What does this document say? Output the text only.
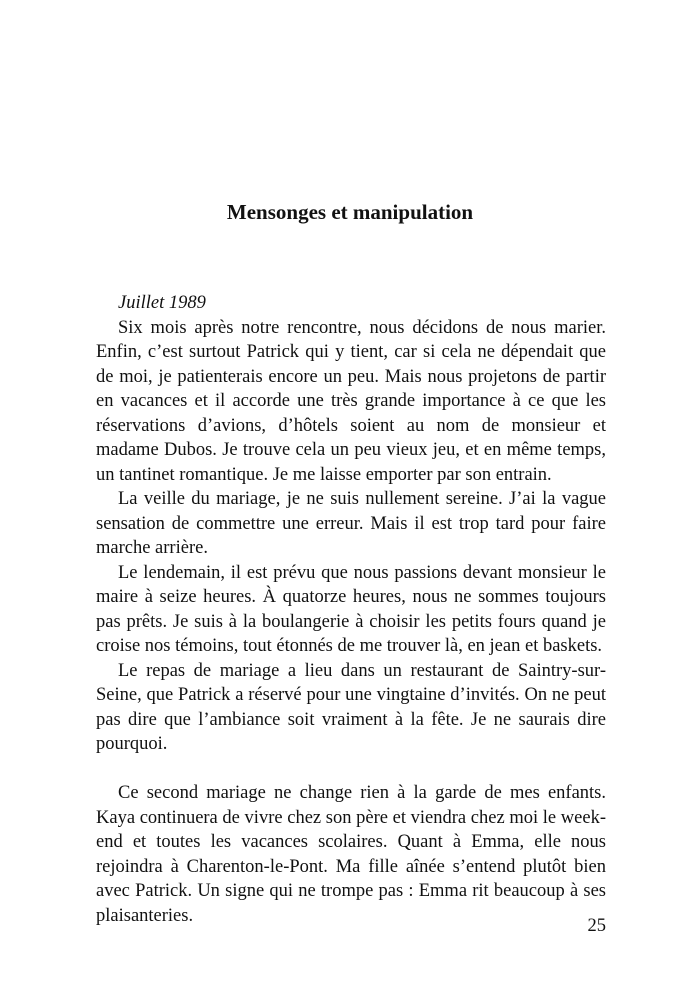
Mensonges et manipulation

Juillet 1989

Six mois après notre rencontre, nous décidons de nous marier. Enfin, c’est surtout Patrick qui y tient, car si cela ne dépendait que de moi, je patienterais encore un peu. Mais nous projetons de partir en vacances et il accorde une très grande importance à ce que les réservations d’avions, d’hôtels soient au nom de monsieur et madame Dubos. Je trouve cela un peu vieux jeu, et en même temps, un tantinet romantique. Je me laisse emporter par son entrain.

La veille du mariage, je ne suis nullement sereine. J’ai la vague sensation de commettre une erreur. Mais il est trop tard pour faire marche arrière.

Le lendemain, il est prévu que nous passions devant monsieur le maire à seize heures. À quatorze heures, nous ne sommes toujours pas prêts. Je suis à la boulangerie à choisir les petits fours quand je croise nos témoins, tout étonnés de me trouver là, en jean et baskets.

Le repas de mariage a lieu dans un restaurant de Saintry-sur-Seine, que Patrick a réservé pour une vingtaine d’invités. On ne peut pas dire que l’ambiance soit vraiment à la fête. Je ne saurais dire pourquoi.

Ce second mariage ne change rien à la garde de mes enfants. Kaya continuera de vivre chez son père et viendra chez moi le week-end et toutes les vacances scolaires. Quant à Emma, elle nous rejoindra à Charenton-le-Pont. Ma fille aînée s’entend plutôt bien avec Patrick. Un signe qui ne trompe pas : Emma rit beaucoup à ses plaisanteries.

25
